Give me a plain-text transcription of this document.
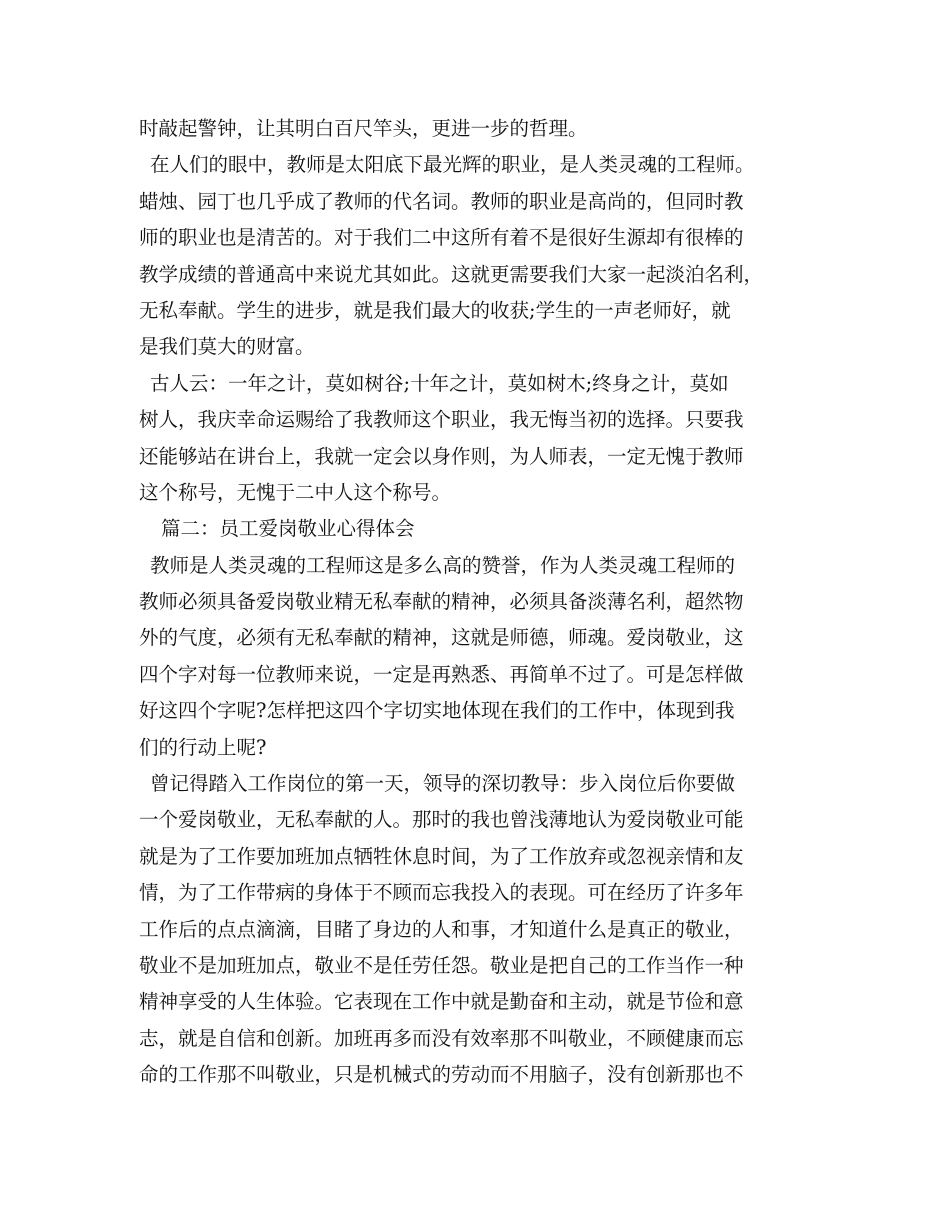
时敲起警钟，让其明白百尺竿头，更进一步的哲理。
在人们的眼中，教师是太阳底下最光辉的职业，是人类灵魂的工程师。
蜡烛、园丁也几乎成了教师的代名词。教师的职业是高尚的，但同时教
师的职业也是清苦的。对于我们二中这所有着不是很好生源却有很棒的
教学成绩的普通高中来说尤其如此。这就更需要我们大家一起淡泊名利，
无私奉献。学生的进步，就是我们最大的收获;学生的一声老师好，就
是我们莫大的财富。
古人云：一年之计，莫如树谷;十年之计，莫如树木;终身之计，莫如
树人，我庆幸命运赐给了我教师这个职业，我无悔当初的选择。只要我
还能够站在讲台上，我就一定会以身作则，为人师表，一定无愧于教师
这个称号，无愧于二中人这个称号。
篇二：员工爱岗敬业心得体会
教师是人类灵魂的工程师这是多么高的赞誉，作为人类灵魂工程师的
教师必须具备爱岗敬业精无私奉献的精神，必须具备淡薄名利，超然物
外的气度，必须有无私奉献的精神，这就是师德，师魂。爱岗敬业，这
四个字对每一位教师来说，一定是再熟悉、再简单不过了。可是怎样做
好这四个字呢?怎样把这四个字切实地体现在我们的工作中，体现到我
们的行动上呢?
曾记得踏入工作岗位的第一天，领导的深切教导：步入岗位后你要做
一个爱岗敬业，无私奉献的人。那时的我也曾浅薄地认为爱岗敬业可能
就是为了工作要加班加点牺牲休息时间，为了工作放弃或忽视亲情和友
情，为了工作带病的身体于不顾而忘我投入的表现。可在经历了许多年
工作后的点点滴滴，目睹了身边的人和事，才知道什么是真正的敬业，
敬业不是加班加点，敬业不是任劳任怨。敬业是把自己的工作当作一种
精神享受的人生体验。它表现在工作中就是勤奋和主动，就是节俭和意
志，就是自信和创新。加班再多而没有效率那不叫敬业，不顾健康而忘
命的工作那不叫敬业，只是机械式的劳动而不用脑子，没有创新那也不
